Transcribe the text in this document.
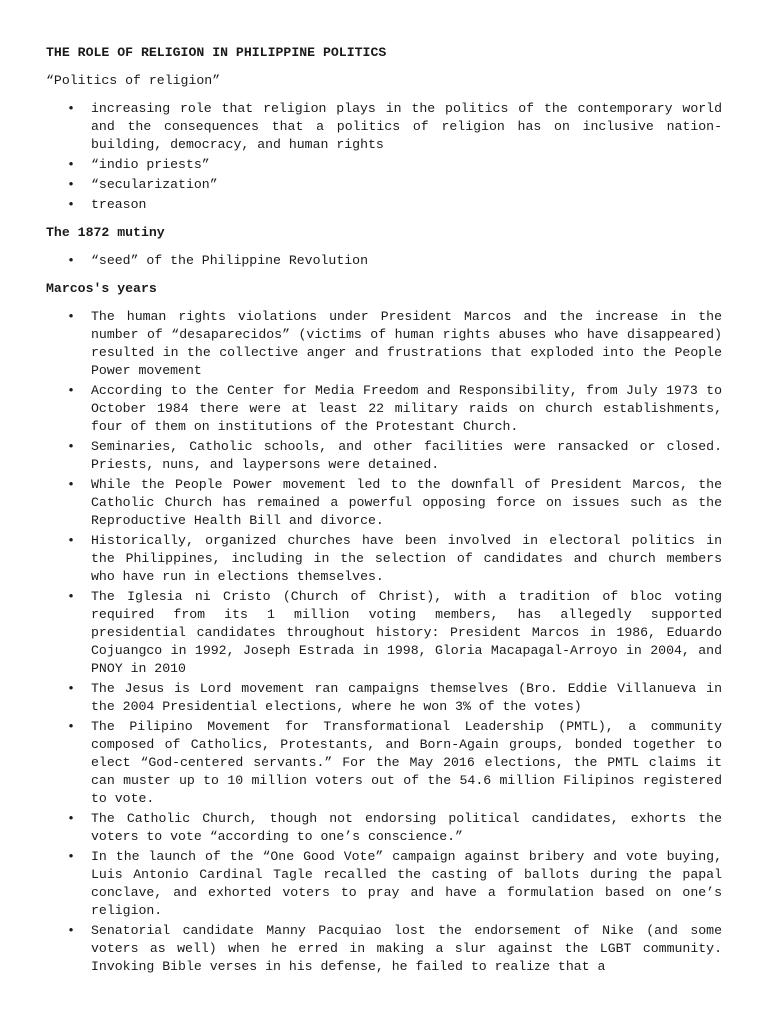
THE ROLE OF RELIGION IN PHILIPPINE POLITICS
“Politics of religion”
• increasing role that religion plays in the politics of the contemporary world and the consequences that a politics of religion has on inclusive nation-building, democracy, and human rights
• “indio priests”
• “secularization”
• treason
The 1872 mutiny
• “seed” of the Philippine Revolution
Marcos's years
• The human rights violations under President Marcos and the increase in the number of “desaparecidos” (victims of human rights abuses who have disappeared) resulted in the collective anger and frustrations that exploded into the People Power movement
• According to the Center for Media Freedom and Responsibility, from July 1973 to October 1984 there were at least 22 military raids on church establishments, four of them on institutions of the Protestant Church.
• Seminaries, Catholic schools, and other facilities were ransacked or closed. Priests, nuns, and laypersons were detained.
• While the People Power movement led to the downfall of President Marcos, the Catholic Church has remained a powerful opposing force on issues such as the Reproductive Health Bill and divorce.
• Historically, organized churches have been involved in electoral politics in the Philippines, including in the selection of candidates and church members who have run in elections themselves.
• The Iglesia ni Cristo (Church of Christ), with a tradition of bloc voting required from its 1 million voting members, has allegedly supported presidential candidates throughout history: President Marcos in 1986, Eduardo Cojuangco in 1992, Joseph Estrada in 1998, Gloria Macapagal-Arroyo in 2004, and PNOY in 2010
• The Jesus is Lord movement ran campaigns themselves (Bro. Eddie Villanueva in the 2004 Presidential elections, where he won 3% of the votes)
• The Pilipino Movement for Transformational Leadership (PMTL), a community composed of Catholics, Protestants, and Born-Again groups, bonded together to elect “God-centered servants.” For the May 2016 elections, the PMTL claims it can muster up to 10 million voters out of the 54.6 million Filipinos registered to vote.
• The Catholic Church, though not endorsing political candidates, exhorts the voters to vote “according to one’s conscience.”
• In the launch of the “One Good Vote” campaign against bribery and vote buying, Luis Antonio Cardinal Tagle recalled the casting of ballots during the papal conclave, and exhorted voters to pray and have a formulation based on one’s religion.
• Senatorial candidate Manny Pacquiao lost the endorsement of Nike (and some voters as well) when he erred in making a slur against the LGBT community. Invoking Bible verses in his defense, he failed to realize that a
